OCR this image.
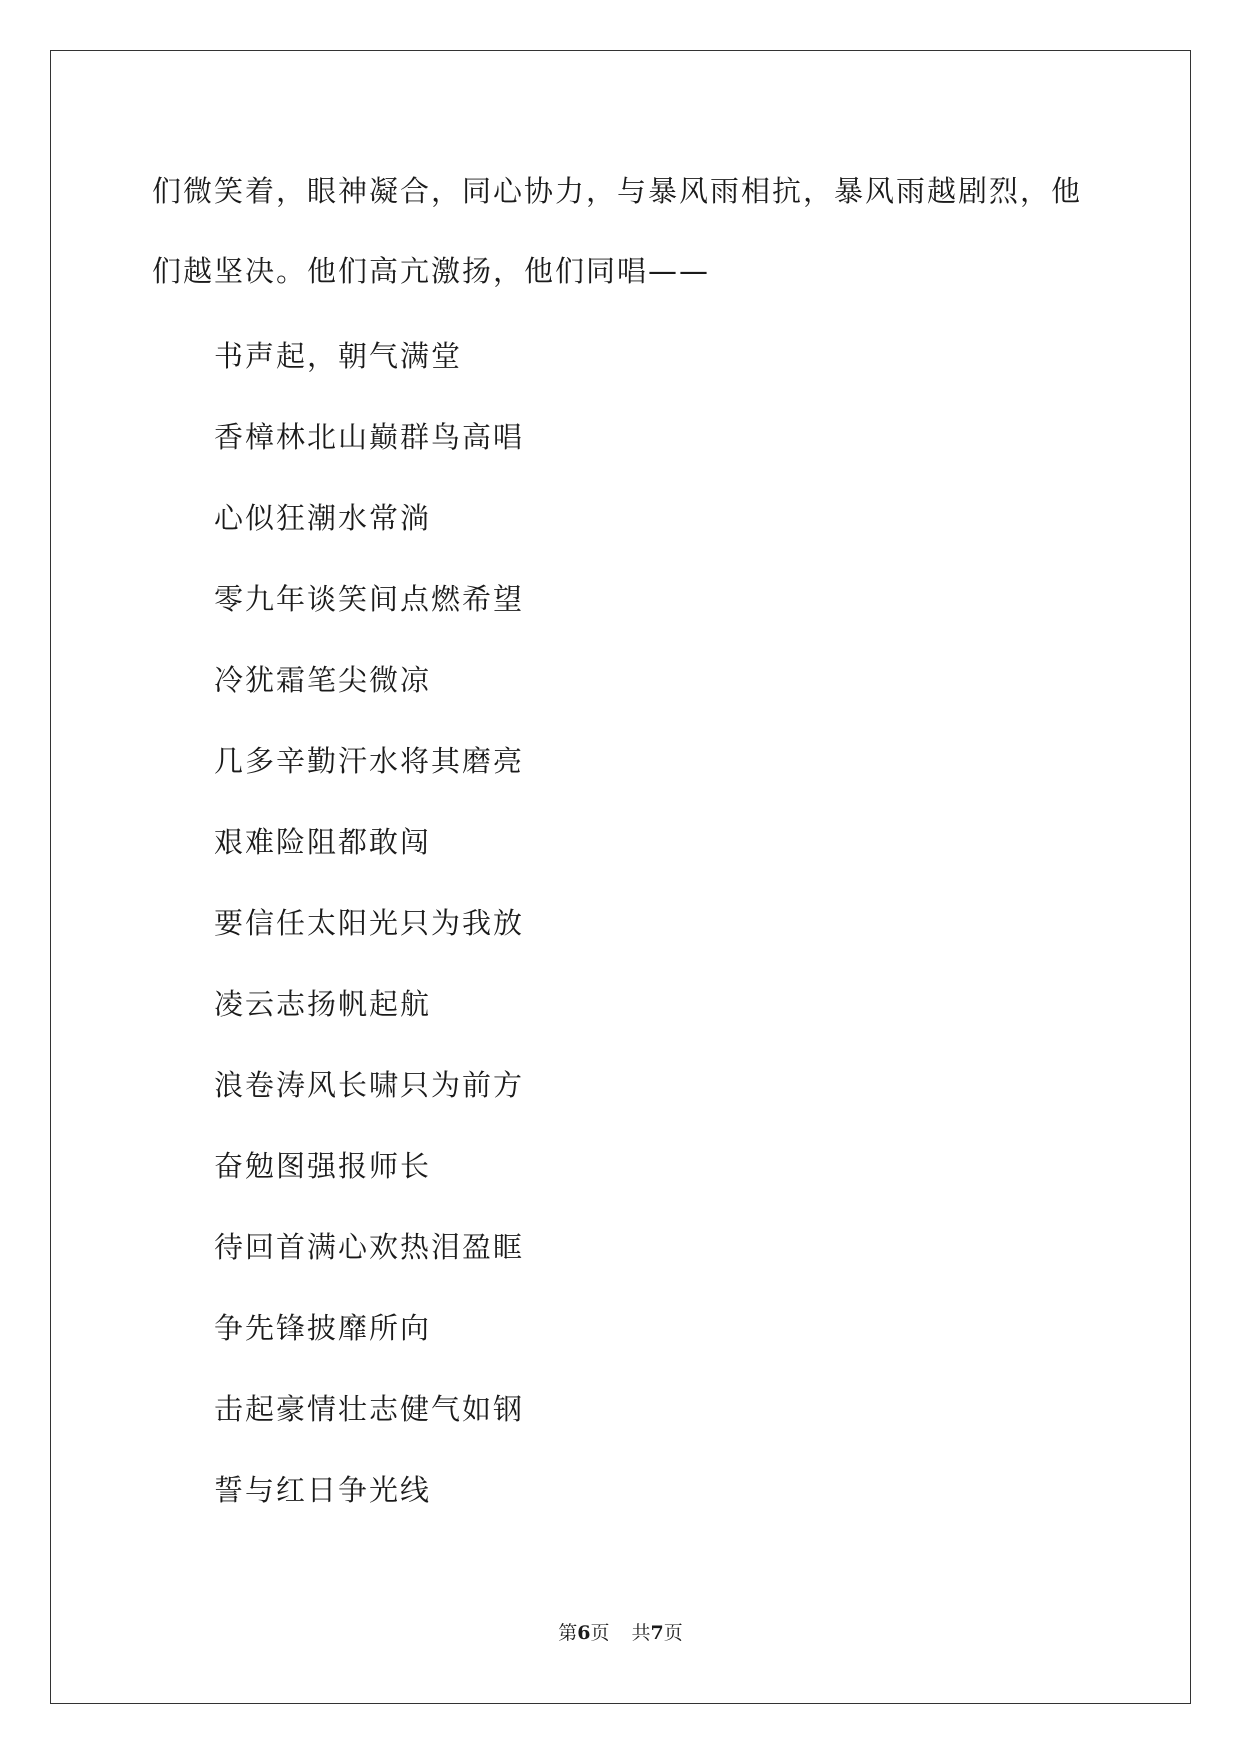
们微笑着，眼神凝合，同心协力，与暴风雨相抗，暴风雨越剧烈，他

们越坚决。他们高亢激扬，他们同唱——

书声起，朝气满堂
香樟林北山巅群鸟高唱
心似狂潮水常淌
零九年谈笑间点燃希望
冷犹霜笔尖微凉
几多辛勤汗水将其磨亮
艰难险阻都敢闯
要信任太阳光只为我放
凌云志扬帆起航
浪卷涛风长啸只为前方
奋勉图强报师长
待回首满心欢热泪盈眶
争先锋披靡所向
击起豪情壮志健气如钢
誓与红日争光线
第6页 共7页
